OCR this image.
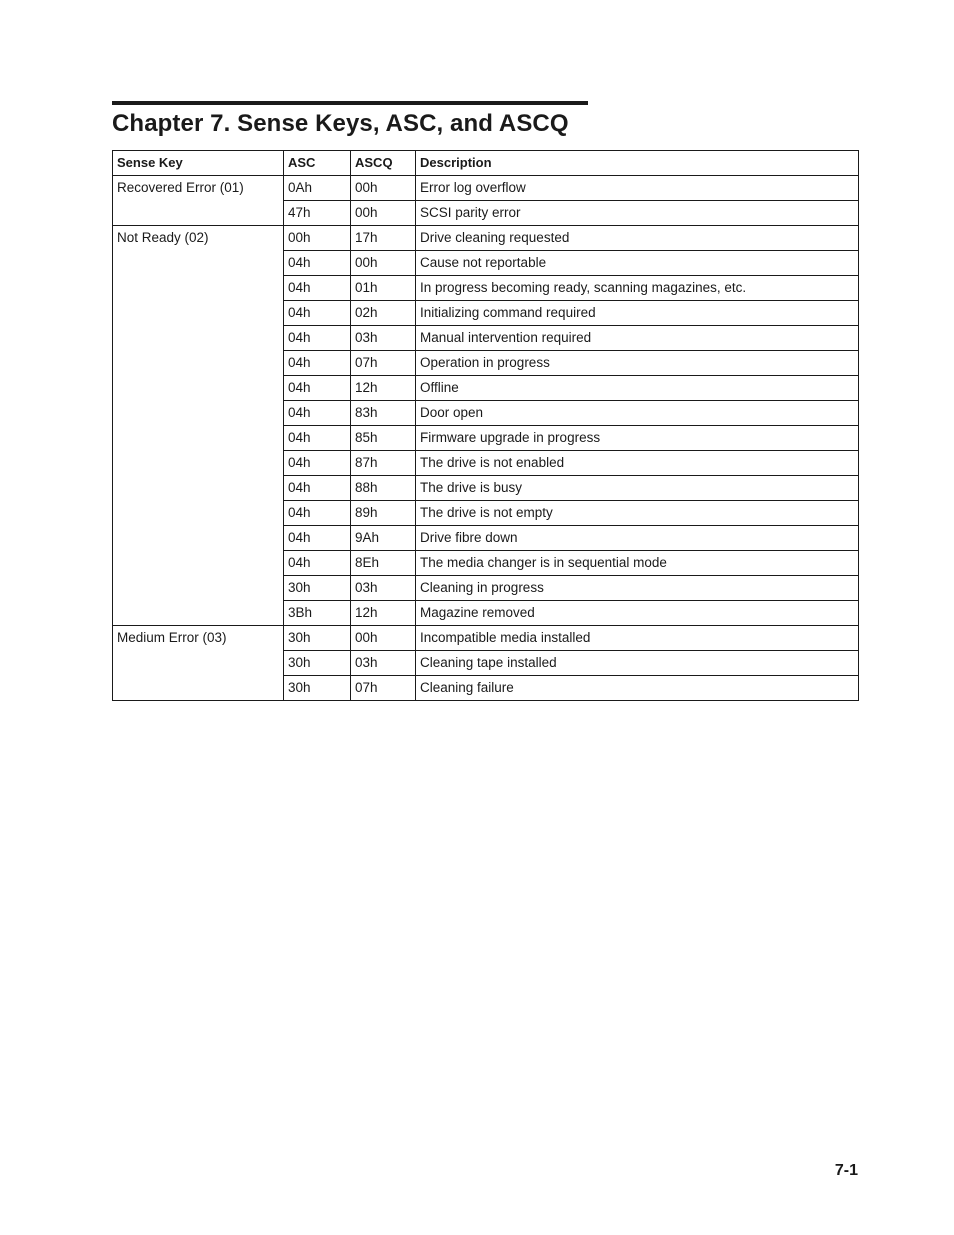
Chapter 7. Sense Keys, ASC, and ASCQ
Sense Key	ASC	ASCQ	Description
Recovered Error (01)	0Ah	00h	Error log overflow
	47h	00h	SCSI parity error
Not Ready (02)	00h	17h	Drive cleaning requested
	04h	00h	Cause not reportable
	04h	01h	In progress becoming ready, scanning magazines, etc.
	04h	02h	Initializing command required
	04h	03h	Manual intervention required
	04h	07h	Operation in progress
	04h	12h	Offline
	04h	83h	Door open
	04h	85h	Firmware upgrade in progress
	04h	87h	The drive is not enabled
	04h	88h	The drive is busy
	04h	89h	The drive is not empty
	04h	9Ah	Drive fibre down
	04h	8Eh	The media changer is in sequential mode
	30h	03h	Cleaning in progress
	3Bh	12h	Magazine removed
Medium Error (03)	30h	00h	Incompatible media installed
	30h	03h	Cleaning tape installed
	30h	07h	Cleaning failure
7-1
